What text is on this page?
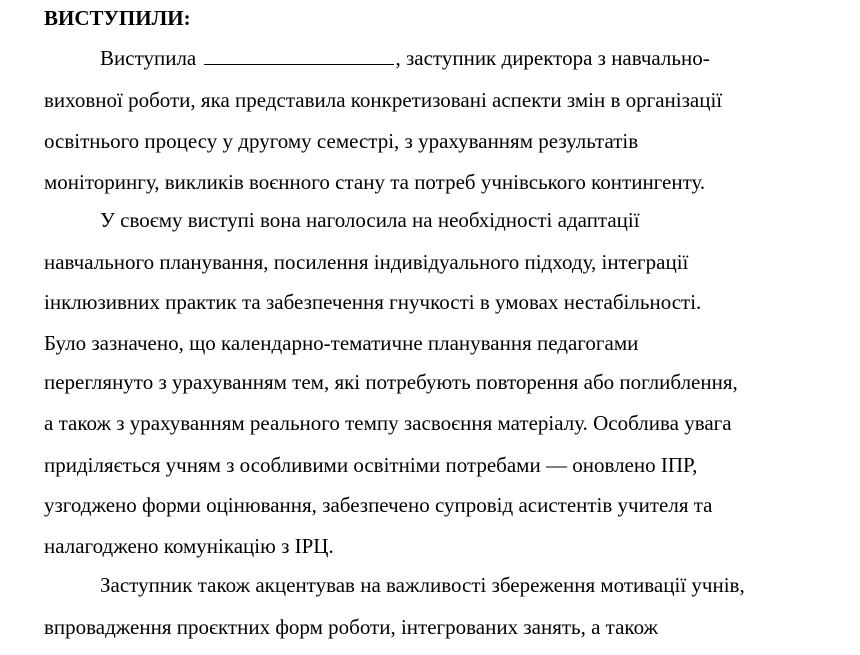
ВИСТУПИЛИ:
Виступила	, заступник директора з навчально-
виховної роботи, яка представила конкретизовані аспекти змін в організації
освітнього процесу у другому семестрі, з урахуванням результатів
моніторингу, викликів воєнного стану та потреб учнівського контингенту.
У своєму виступі вона наголосила на необхідності адаптації
навчального планування, посилення індивідуального підходу, інтеграції
інклюзивних практик та забезпечення гнучкості в умовах нестабільності.
Було зазначено, що календарно-тематичне планування педагогами
переглянуто з урахуванням тем, які потребують повторення або поглиблення,
а також з урахуванням реального темпу засвоєння матеріалу. Особлива увага
приділяється учням з особливими освітніми потребами — оновлено ІПР,
узгоджено форми оцінювання, забезпечено супровід асистентів учителя та
налагоджено комунікацію з ІРЦ.
Заступник також акцентував на важливості збереження мотивації учнів,
впровадження проєктних форм роботи, інтегрованих занять, а також
